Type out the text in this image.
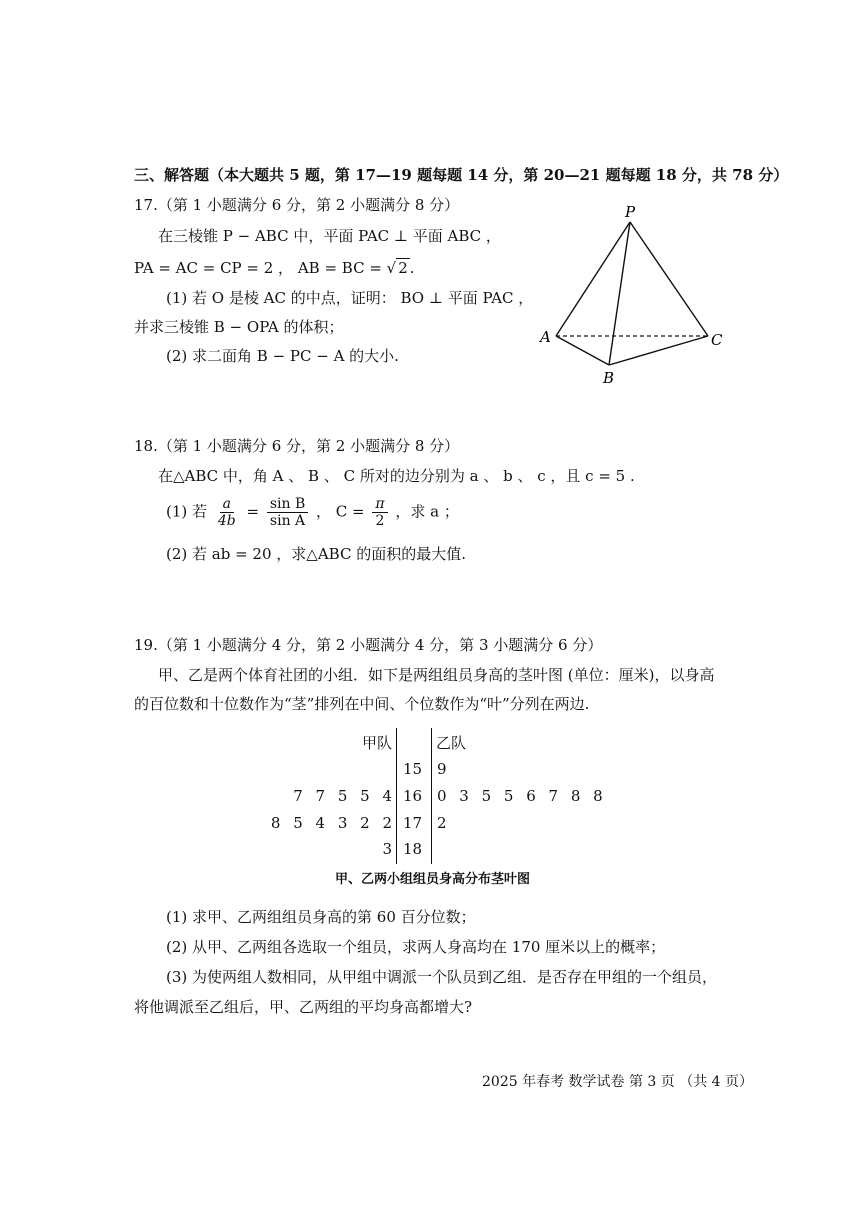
三、解答题（本大题共 5 题，第 17—19 题每题 14 分，第 20—21 题每题 18 分，共 78 分）
17.（第 1 小题满分 6 分，第 2 小题满分 8 分）
在三棱锥 P − ABC 中，平面 PAC ⊥ 平面 ABC ，
PA = AC = CP = 2 ， AB = BC = √ 2 .
(1) 若 O 是棱 AC 的中点，证明： BO ⊥ 平面 PAC ，
并求三棱锥 B − OPA 的体积；
(2) 求二面角 B − PC − A 的大小.
P
A	C
B
18.（第 1 小题满分 6 分，第 2 小题满分 8 分）
在△ABC 中，角 A 、 B 、 C 所对的边分别为 a 、 b 、 c ，且 c = 5 .
(1) 若 $\frac{a}{4b} = \frac{\text{sin B}}{\text{sin A}}$ ， $C = \frac{\pi}{2}$ ，求 a ；
(2) 若 ab = 20 ，求△ABC 的面积的最大值.
19.（第 1 小题满分 4 分，第 2 小题满分 4 分，第 3 小题满分 6 分）
甲、乙是两个体育社团的小组．如下是两组组员身高的茎叶图 (单位：厘米)，以身高
的百位数和十位数作为“茎”排列在中间、个位数作为“叶”分列在两边.
甲队	乙队
15 9
7 7 5 5 4 16 0 3 5 5 6 7 8 8
8 5 4 3 2 2 17 2
3 18
甲、乙两小组组员身高分布茎叶图
(1) 求甲、乙两组组员身高的第 60 百分位数；
(2) 从甲、乙两组各选取一个组员，求两人身高均在 170 厘米以上的概率；
(3) 为使两组人数相同，从甲组中调派一个队员到乙组．是否存在甲组的一个组员，
将他调派至乙组后，甲、乙两组的平均身高都增大?
2025 年春考 数学试卷 第 3 页 （共 4 页）
